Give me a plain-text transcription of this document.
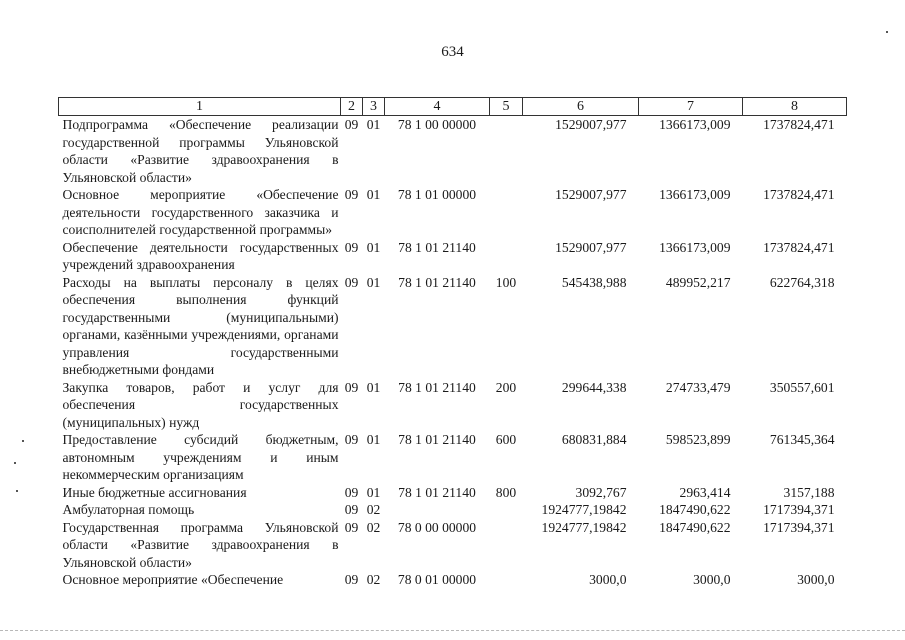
634
1	2	3	4	5	6	7	8
Подпрограмма «Обеспечение реализации государственной программы Ульяновской области «Развитие здравоохранения в Ульяновской области»	09	01	78 1 00 00000		1529007,977	1366173,009	1737824,471
Основное мероприятие «Обеспечение деятельности государственного заказчика и соисполнителей государственной программы»	09	01	78 1 01 00000		1529007,977	1366173,009	1737824,471
Обеспечение деятельности государственных учреждений здравоохранения	09	01	78 1 01 21140		1529007,977	1366173,009	1737824,471
Расходы на выплаты персоналу в целях обеспечения выполнения функций государственными (муниципальными) органами, казёнными учреждениями, органами управления государственными внебюджетными фондами	09	01	78 1 01 21140	100	545438,988	489952,217	622764,318
Закупка товаров, работ и услуг для обеспечения государственных (муниципальных) нужд	09	01	78 1 01 21140	200	299644,338	274733,479	350557,601
Предоставление субсидий бюджетным, автономным учреждениям и иным некоммерческим организациям	09	01	78 1 01 21140	600	680831,884	598523,899	761345,364
Иные бюджетные ассигнования	09	01	78 1 01 21140	800	3092,767	2963,414	3157,188
Амбулаторная помощь	09	02			1924777,19842	1847490,622	1717394,371
Государственная программа Ульяновской области «Развитие здравоохранения в Ульяновской области»	09	02	78 0 00 00000		1924777,19842	1847490,622	1717394,371
Основное мероприятие «Обеспечение	09	02	78 0 01 00000		3000,0	3000,0	3000,0
